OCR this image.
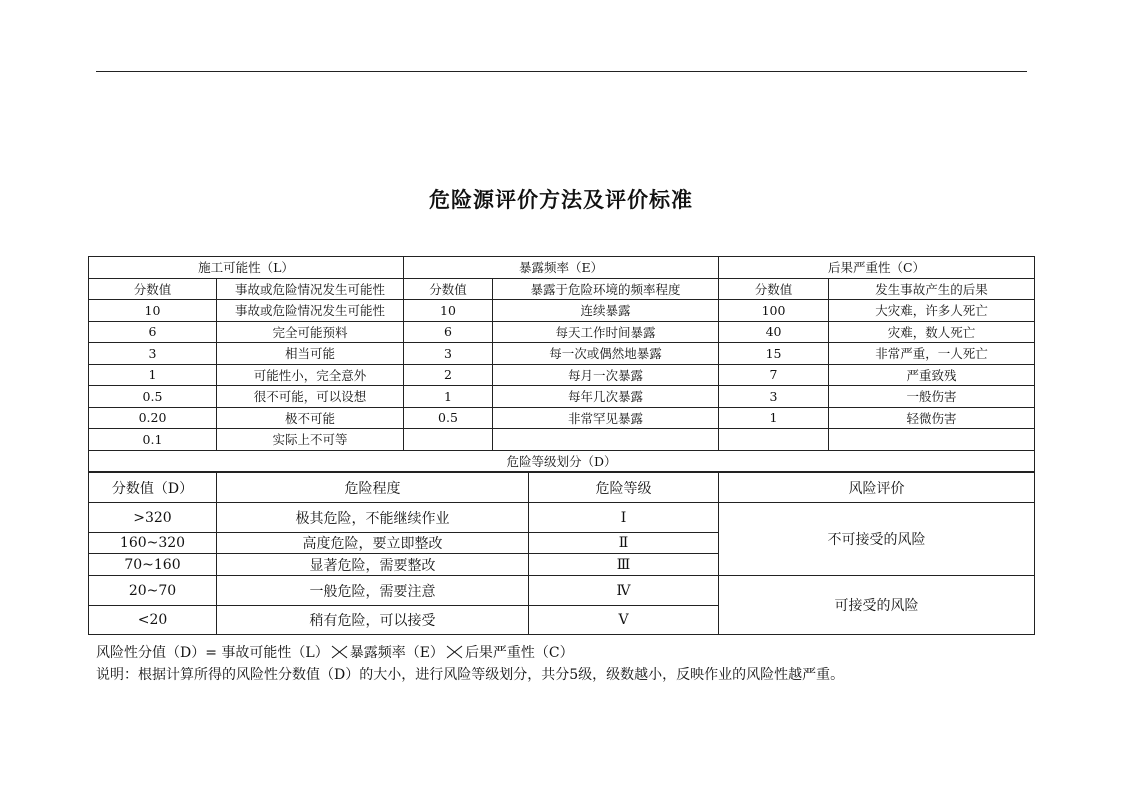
危险源评价方法及评价标准
施工可能性（L）		暴露频率（E）		后果严重性（C）	
分数值	事故或危险情况发生可能性	分数值	暴露于危险环境的频率程度	分数值	发生事故产生的后果
10	事故或危险情况发生可能性	10	连续暴露	100	大灾难，许多人死亡
6	完全可能预料	6	每天工作时间暴露	40	灾难，数人死亡
3	相当可能	3	每一次或偶然地暴露	15	非常严重，一人死亡
1	可能性小，完全意外	2	每月一次暴露	7	严重致残
0.5	很不可能，可以设想	1	每年几次暴露	3	一般伤害
0.20	极不可能	0.5	非常罕见暴露	1	轻微伤害
0.1	实际上不可等				
危险等级划分（D）					
分数值（D）	危险程度	危险等级	风险评价
>320	极其危险，不能继续作业	Ⅰ	不可接受的风险
160~320	高度危险，要立即整改	Ⅱ	
70~160	显著危险，需要整改	Ⅲ	
20~70	一般危险，需要注意	Ⅳ	可接受的风险
<20	稍有危险，可以接受	Ⅴ	
风险性分值（D）= 事故可能性（L） 暴露频率（E） 后果严重性（C）
说明：根据计算所得的风险性分数值（D）的大小，进行风险等级划分，共分5级，级数越小，反映作业的风险性越严重。
